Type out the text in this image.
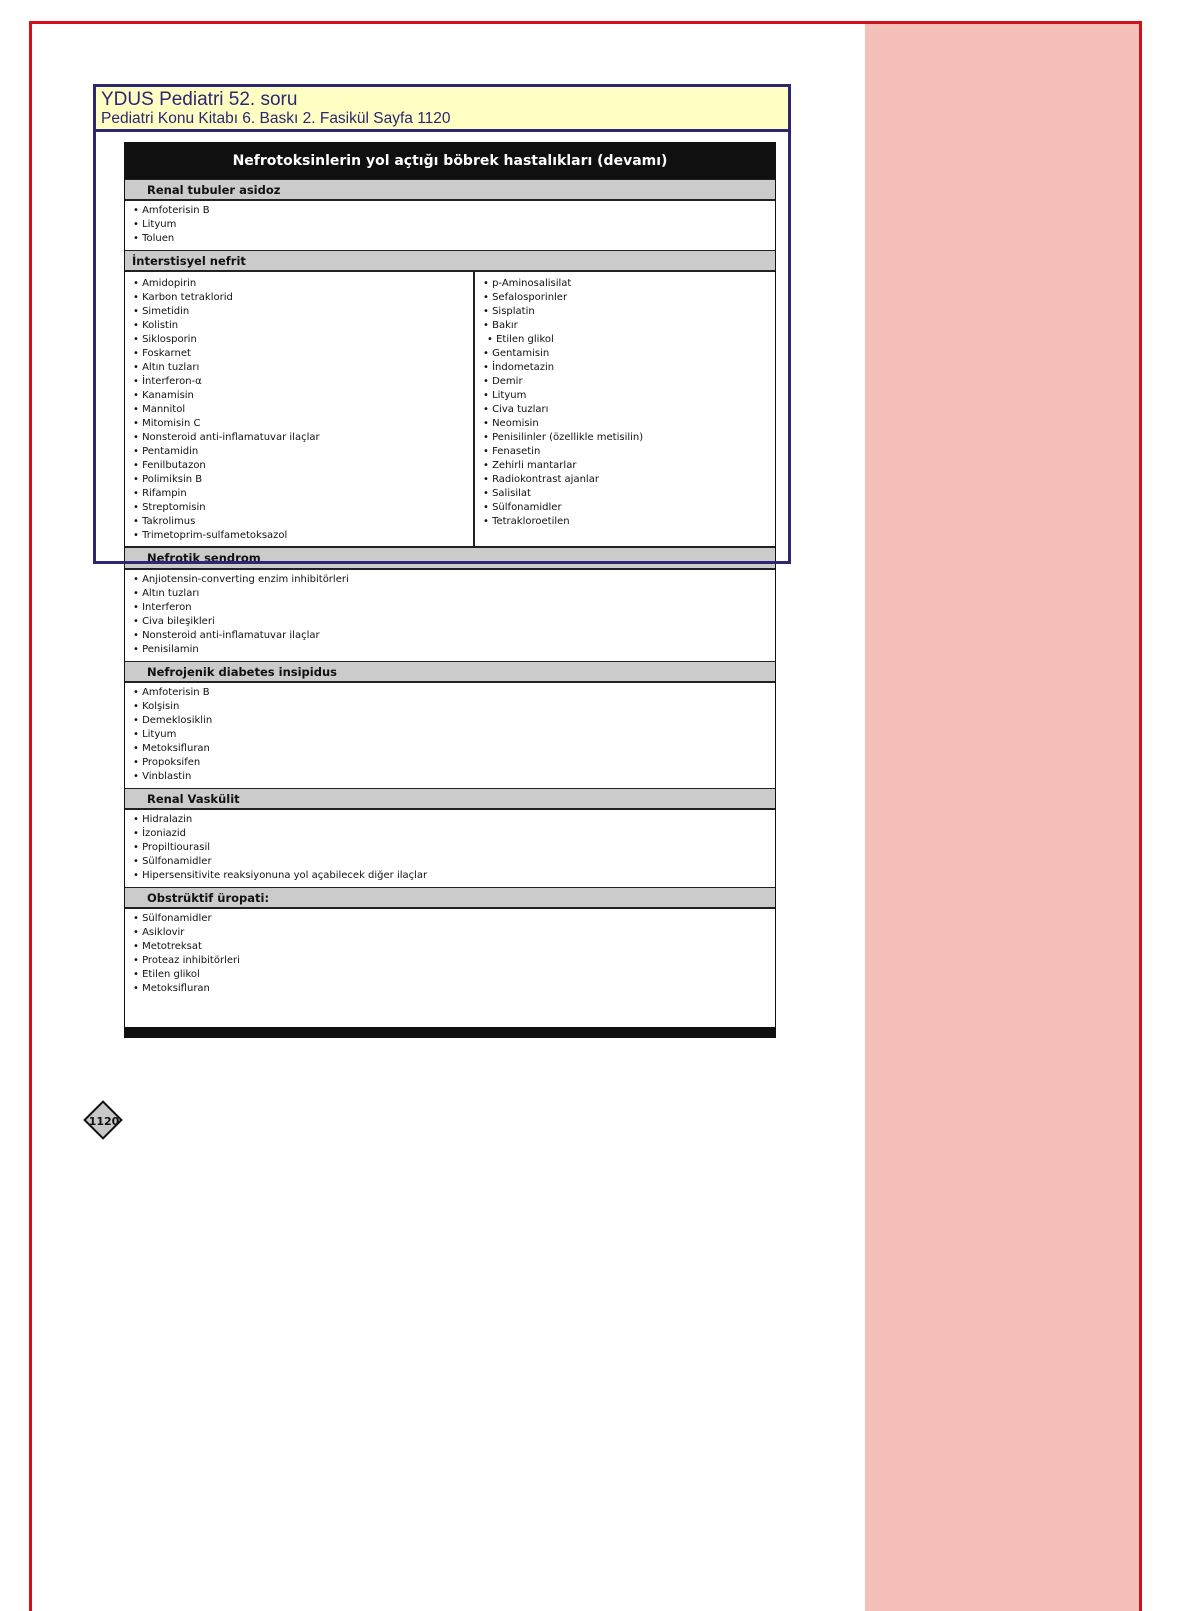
Nefrotoksinlerin yol açtığı böbrek hastalıkları (devamı)
Renal tubuler asidoz
• Amfoterisin B
• Lityum
• Toluen
İnterstisyel nefrit
• Amidopirin
• Karbon tetraklorid
• Simetidin
• Kolistin
• Siklosporin
• Foskarnet
• Altın tuzları
• İnterferon-α
• Kanamisin
• Mannitol
• Mitomisin C
• Nonsteroid anti-inflamatuvar ilaçlar
• Pentamidin
• Fenilbutazon
• Polimiksin B
• Rifampin
• Streptomisin
• Takrolimus
• Trimetoprim-sulfametoksazol
• p-Aminosalisilat
• Sefalosporinler
• Sisplatin
• Bakır
• Etilen glikol
• Gentamisin
• İndometazin
• Demir
• Lityum
• Civa tuzları
• Neomisin
• Penisilinler (özellikle metisilin)
• Fenasetin
• Zehirli mantarlar
• Radiokontrast ajanlar
• Salisilat
• Sülfonamidler
• Tetrakloroetilen
Nefrotik sendrom
• Anjiotensin-converting enzim inhibitörleri
• Altın tuzları
• Interferon
• Civa bileşikleri
• Nonsteroid anti-inflamatuvar ilaçlar
• Penisilamin
Nefrojenik diabetes insipidus
• Amfoterisin B
• Kolşisin
• Demeklosiklin
• Lityum
• Metoksifluran
• Propoksifen
• Vinblastin
Renal Vaskülit
• Hidralazin
• İzoniazid
• Propiltiourasil
• Sülfonamidler
• Hipersensitivite reaksiyonuna yol açabilecek diğer ilaçlar
Obstrüktif üropati:
• Sülfonamidler
• Asiklovir
• Metotreksat
• Proteaz inhibitörleri
• Etilen glikol
• Metoksifluran
YDUS Pediatri 52. soru
Pediatri Konu Kitabı 6. Baskı 2. Fasikül Sayfa 1120
1120
